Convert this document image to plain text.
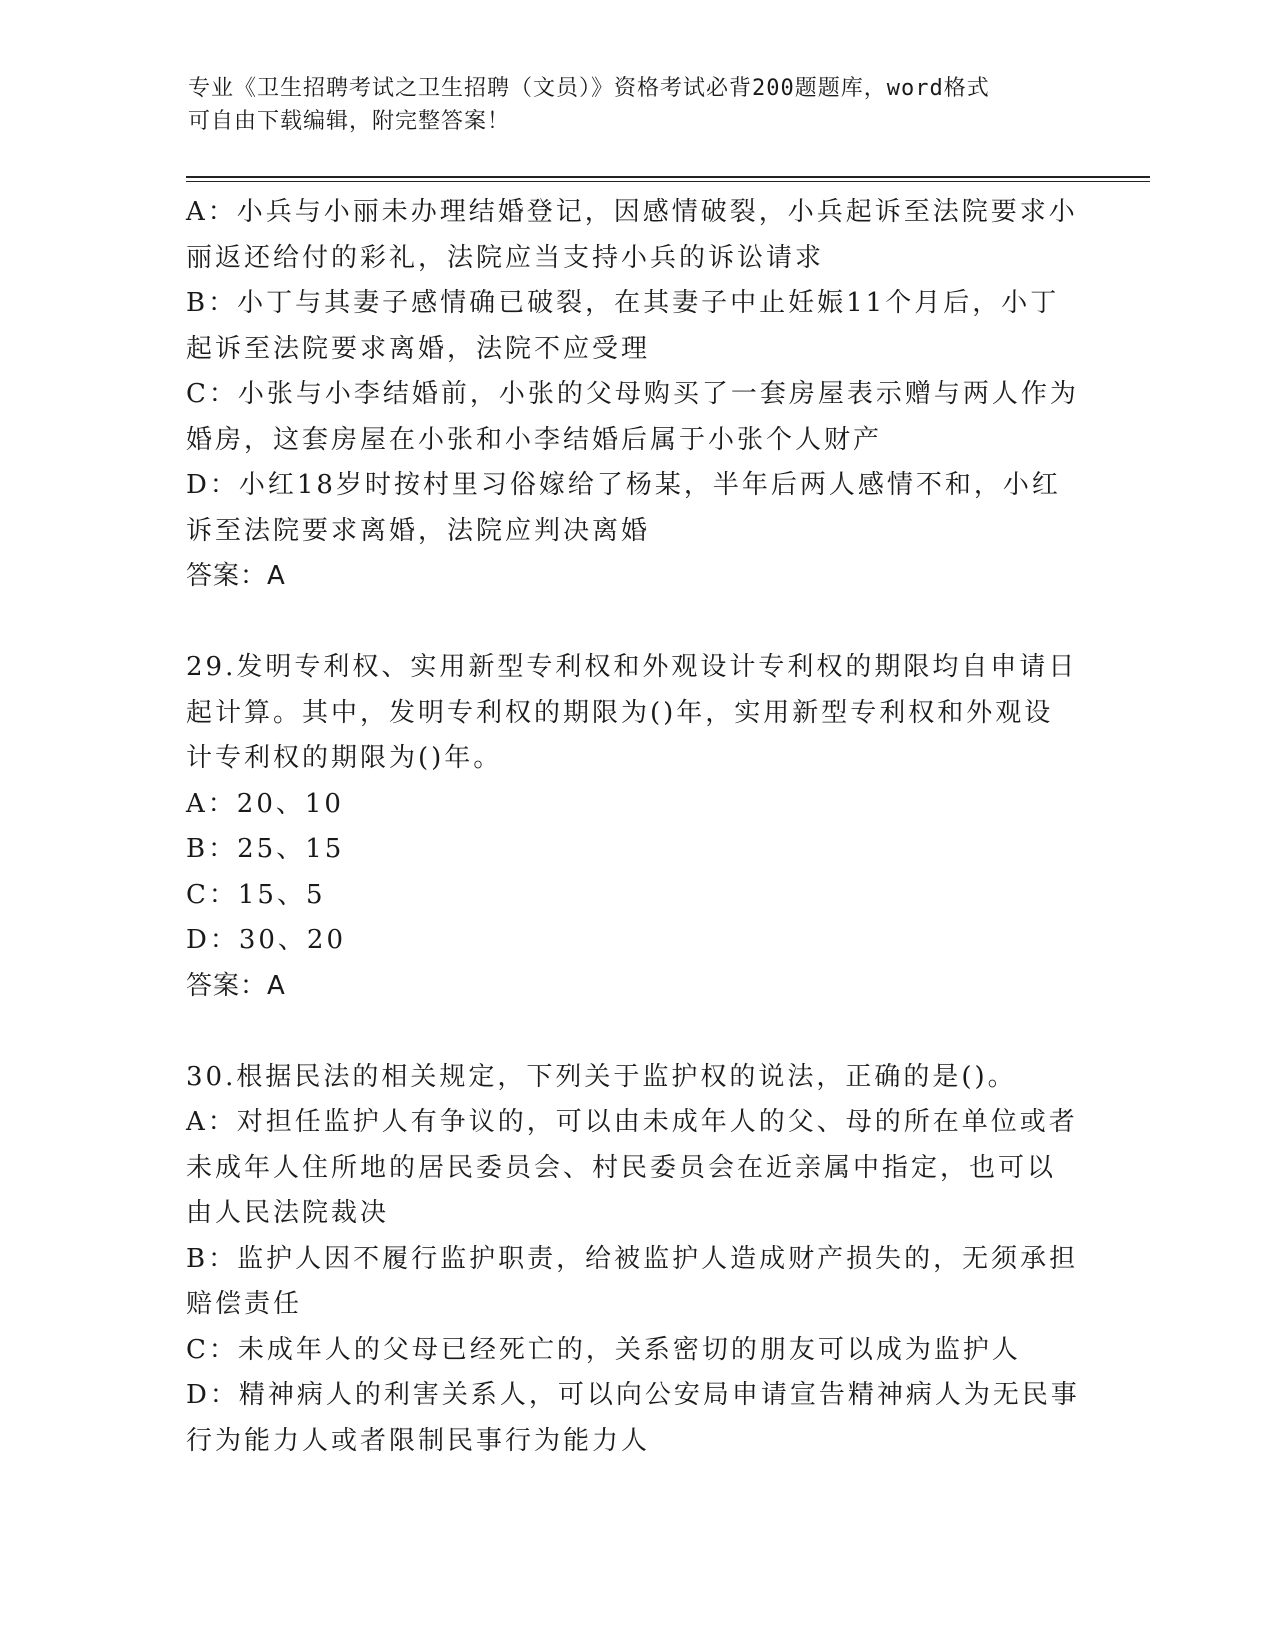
专业《卫生招聘考试之卫生招聘（文员）》资格考试必背200题题库，word格式
可自由下载编辑，附完整答案！
A：小兵与小丽未办理结婚登记，因感情破裂，小兵起诉至法院要求小
丽返还给付的彩礼，法院应当支持小兵的诉讼请求
B：小丁与其妻子感情确已破裂，在其妻子中止妊娠11个月后，小丁
起诉至法院要求离婚，法院不应受理
C：小张与小李结婚前，小张的父母购买了一套房屋表示赠与两人作为
婚房，这套房屋在小张和小李结婚后属于小张个人财产
D：小红18岁时按村里习俗嫁给了杨某，半年后两人感情不和，小红
诉至法院要求离婚，法院应判决离婚
答案：A
29.发明专利权、实用新型专利权和外观设计专利权的期限均自申请日
起计算。其中，发明专利权的期限为()年，实用新型专利权和外观设
计专利权的期限为()年。
A：20、10
B：25、15
C：15、5
D：30、20
答案：A
30.根据民法的相关规定，下列关于监护权的说法，正确的是()。
A：对担任监护人有争议的，可以由未成年人的父、母的所在单位或者
未成年人住所地的居民委员会、村民委员会在近亲属中指定，也可以
由人民法院裁决
B：监护人因不履行监护职责，给被监护人造成财产损失的，无须承担
赔偿责任
C：未成年人的父母已经死亡的，关系密切的朋友可以成为监护人
D：精神病人的利害关系人，可以向公安局申请宣告精神病人为无民事
行为能力人或者限制民事行为能力人
